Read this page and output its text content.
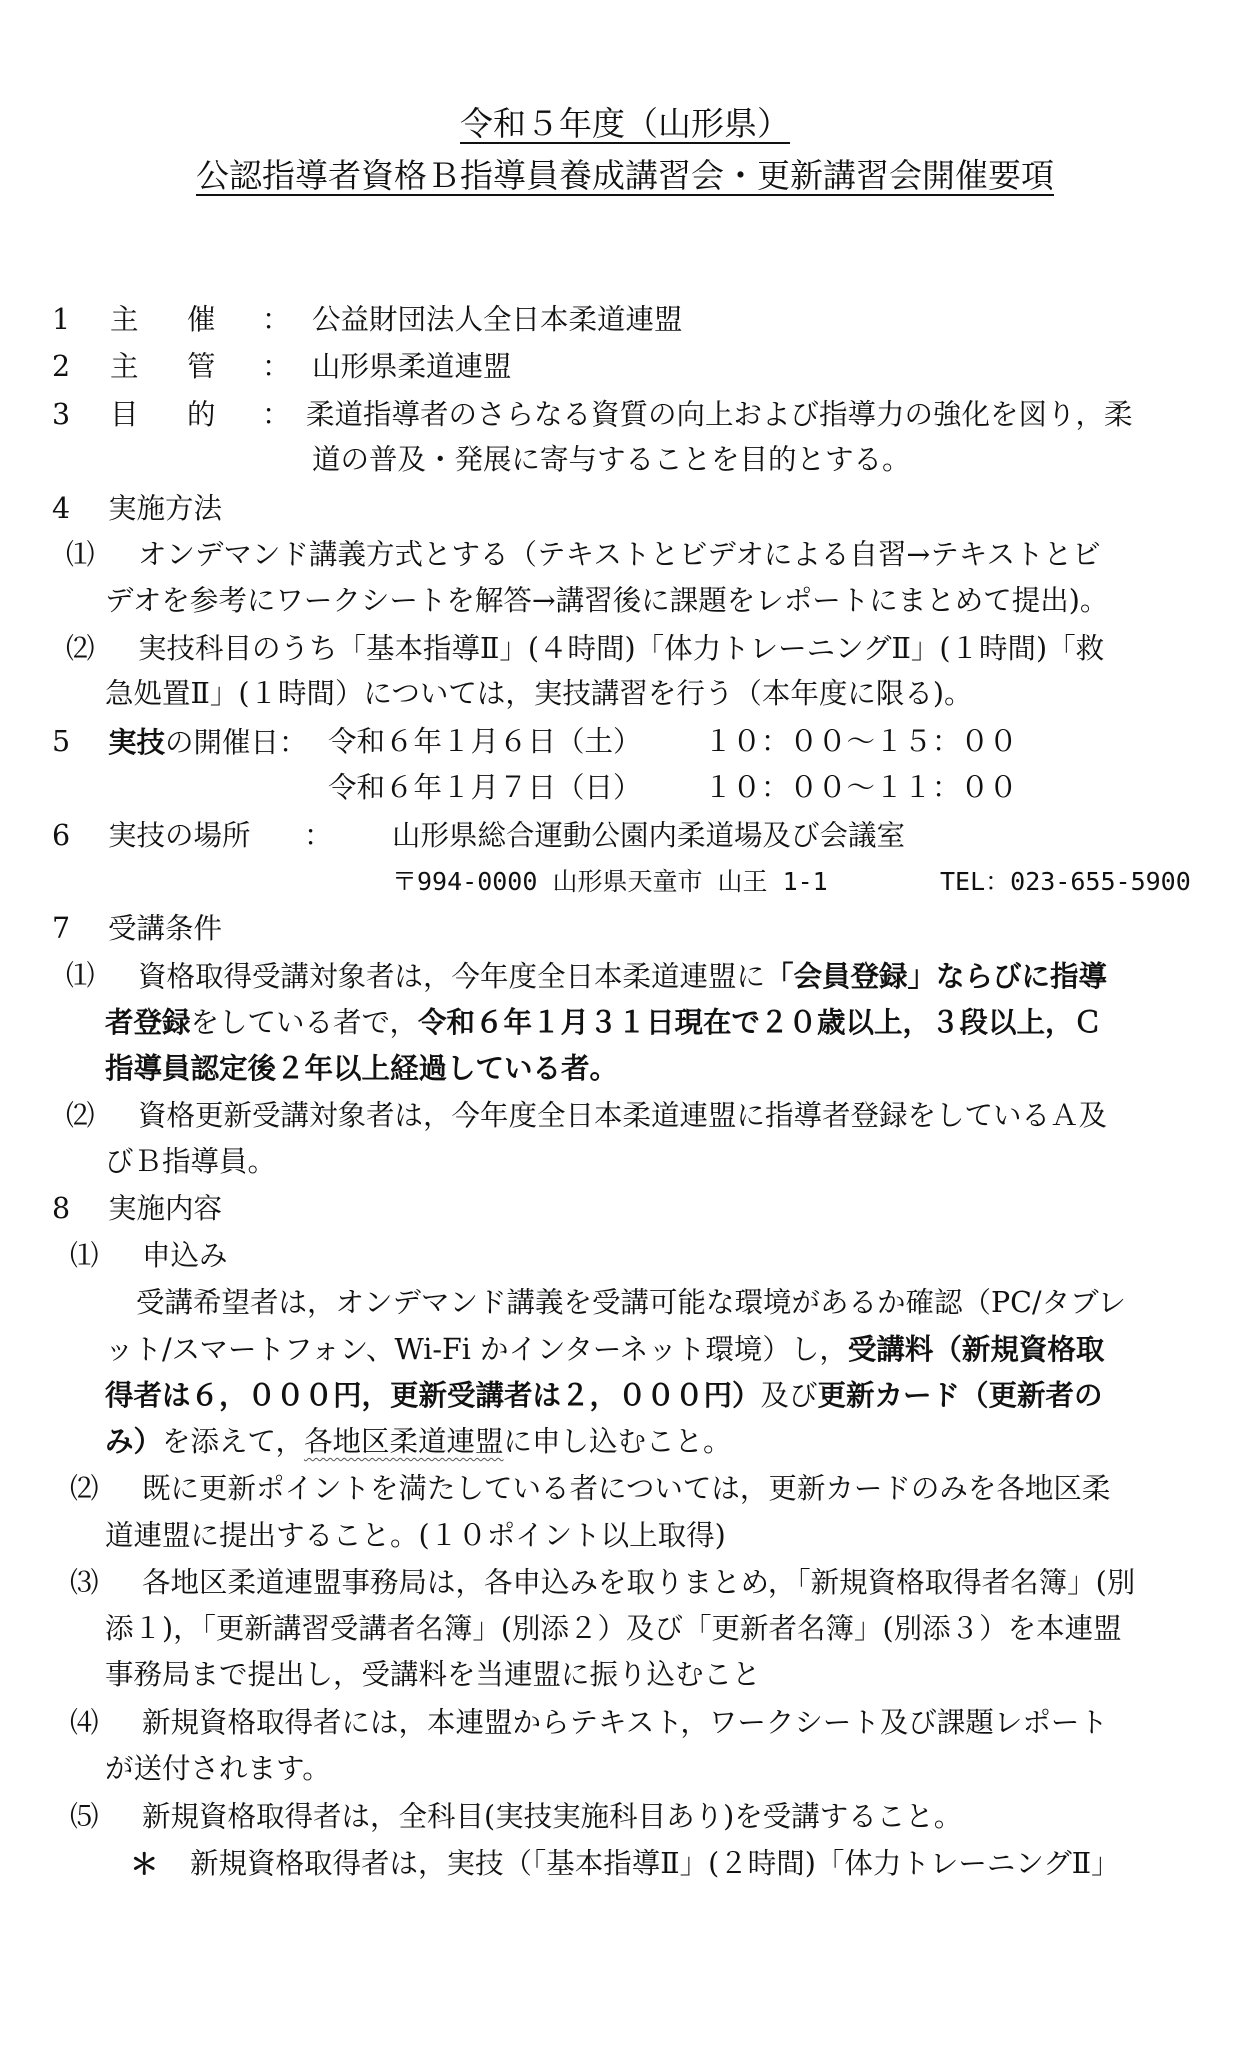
令和５年度（山形県）
公認指導者資格Ｂ指導員養成講習会・更新講習会開催要項
1 主　催 ： 公益財団法人全日本柔道連盟
2 主　管 ： 山形県柔道連盟
3 目　的 ： 柔道指導者のさらなる資質の向上および指導力の強化を図り，柔
道の普及・発展に寄与することを目的とする。
4 実施方法
⑴ オンデマンド講義方式とする（テキストとビデオによる自習→テキストとビ
デオを参考にワークシートを解答→講習後に課題をレポートにまとめて提出)。
⑵ 実技科目のうち「基本指導Ⅱ」(４時間)「体力トレーニングⅡ」(１時間)「救
急処置Ⅱ」(１時間）については，実技講習を行う（本年度に限る)。
5 実技の開催日： 令和６年１月６日（土） １０：００～１５：００
令和６年１月７日（日） １０：００～１１：００
6 実技の場所 ： 山形県総合運動公園内柔道場及び会議室
〒994-0000 山形県天童市 山王 1-1	TEL：023-655-5900
7 受講条件
⑴ 資格取得受講対象者は，今年度全日本柔道連盟に「会員登録」ならびに指導
者登録をしている者で，令和６年１月３１日現在で２０歳以上，３段以上，Ｃ
指導員認定後２年以上経過している者。
⑵ 資格更新受講対象者は，今年度全日本柔道連盟に指導者登録をしているＡ及
びＢ指導員。
8 実施内容
⑴ 申込み
受講希望者は，オンデマンド講義を受講可能な環境があるか確認（PC/タブレ
ット/スマートフォン、Wi-Fi かインターネット環境）し，受講料（新規資格取
得者は６，０００円，更新受講者は２，０００円）及び更新カード（更新者の
み）を添えて，各地区柔道連盟に申し込むこと。
⑵ 既に更新ポイントを満たしている者については，更新カードのみを各地区柔
道連盟に提出すること。(１０ポイント以上取得)
⑶ 各地区柔道連盟事務局は，各申込みを取りまとめ，「新規資格取得者名簿」(別
添１)，「更新講習受講者名簿」(別添２）及び「更新者名簿」(別添３）を本連盟
事務局まで提出し，受講料を当連盟に振り込むこと
⑷ 新規資格取得者には，本連盟からテキスト，ワークシート及び課題レポート
が送付されます。
⑸ 新規資格取得者は，全科目(実技実施科目あり)を受講すること。
＊ 新規資格取得者は，実技（「基本指導Ⅱ」(２時間)「体力トレーニングⅡ」
